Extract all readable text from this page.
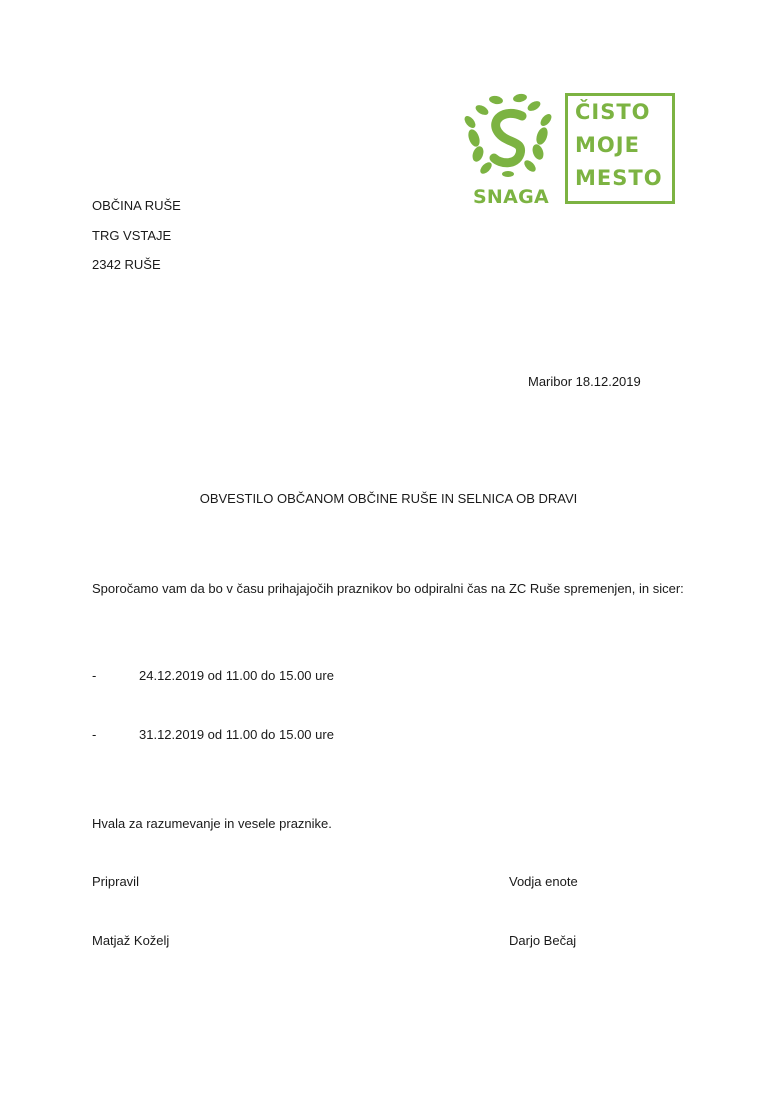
SNAGA
ČISTO
MOJE
MESTO
OBČINA RUŠE
TRG VSTAJE
2342 RUŠE
Maribor 18.12.2019
OBVESTILO OBČANOM OBČINE RUŠE IN SELNICA OB DRAVI
Sporočamo vam da bo v času prihajajočih praznikov bo odpiralni čas na ZC Ruše spremenjen, in sicer:
-	24.12.2019 od 11.00 do 15.00 ure
-	31.12.2019 od 11.00 do 15.00 ure
Hvala za razumevanje in vesele praznike.
Pripravil	Vodja enote
Matjaž Koželj	Darjo Bečaj
